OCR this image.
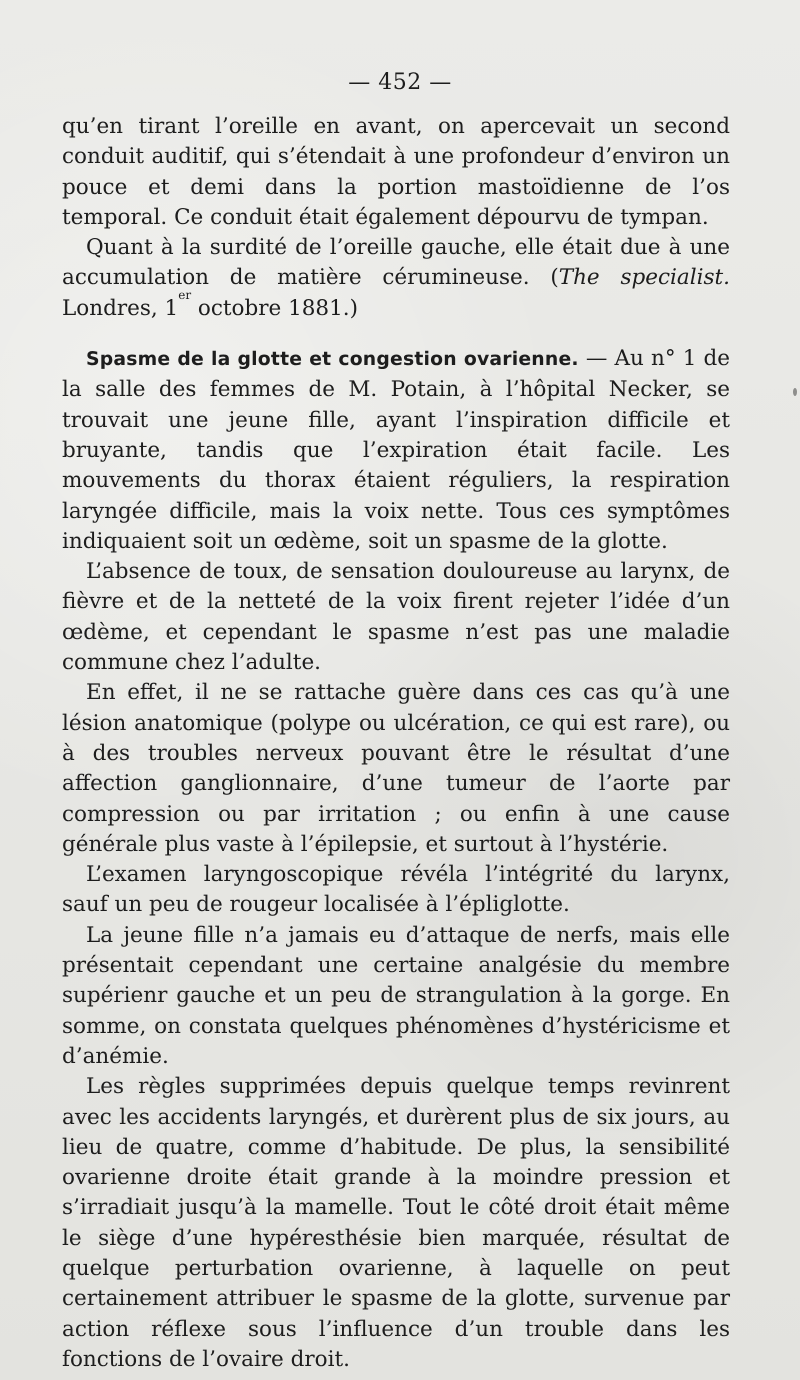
— 452 —

qu’en tirant l’oreille en avant, on apercevait un second conduit auditif, qui s’étendait à une profondeur d’environ un pouce et demi dans la portion mastoïdienne de l’os temporal. Ce conduit était également dépourvu de tympan.

Quant à la surdité de l’oreille gauche, elle était due à une accumulation de matière cérumineuse. (The specialist. Londres, 1er octobre 1881.)

Spasme de la glotte et congestion ovarienne. — Au n° 1 de la salle des femmes de M. Potain, à l’hôpital Necker, se trouvait une jeune fille, ayant l’inspiration difficile et bruyante, tandis que l’expiration était facile. Les mouvements du thorax étaient réguliers, la respiration laryngée difficile, mais la voix nette. Tous ces symptômes indiquaient soit un œdème, soit un spasme de la glotte.

L’absence de toux, de sensation douloureuse au larynx, de fièvre et de la netteté de la voix firent rejeter l’idée d’un œdème, et cependant le spasme n’est pas une maladie commune chez l’adulte.

En effet, il ne se rattache guère dans ces cas qu’à une lésion anatomique (polype ou ulcération, ce qui est rare), ou à des troubles nerveux pouvant être le résultat d’une affection ganglionnaire, d’une tumeur de l’aorte par compression ou par irritation ; ou enfin à une cause générale plus vaste à l’épilepsie, et surtout à l’hystérie.

L’examen laryngoscopique révéla l’intégrité du larynx, sauf un peu de rougeur localisée à l’épliglotte.

La jeune fille n’a jamais eu d’attaque de nerfs, mais elle présentait cependant une certaine analgésie du membre supérienr gauche et un peu de strangulation à la gorge. En somme, on constata quelques phénomènes d’hystéricisme et d’anémie.

Les règles supprimées depuis quelque temps revinrent avec les accidents laryngés, et durèrent plus de six jours, au lieu de quatre, comme d’habitude. De plus, la sensibilité ovarienne droite était grande à la moindre pression et s’irradiait jusqu’à la mamelle. Tout le côté droit était même le siège d’une hypéresthésie bien marquée, résultat de quelque perturbation ovarienne, à laquelle on peut certainement attribuer le spasme de la glotte, survenue par action réflexe sous l’influence d’un trouble dans les fonctions de l’ovaire droit.
